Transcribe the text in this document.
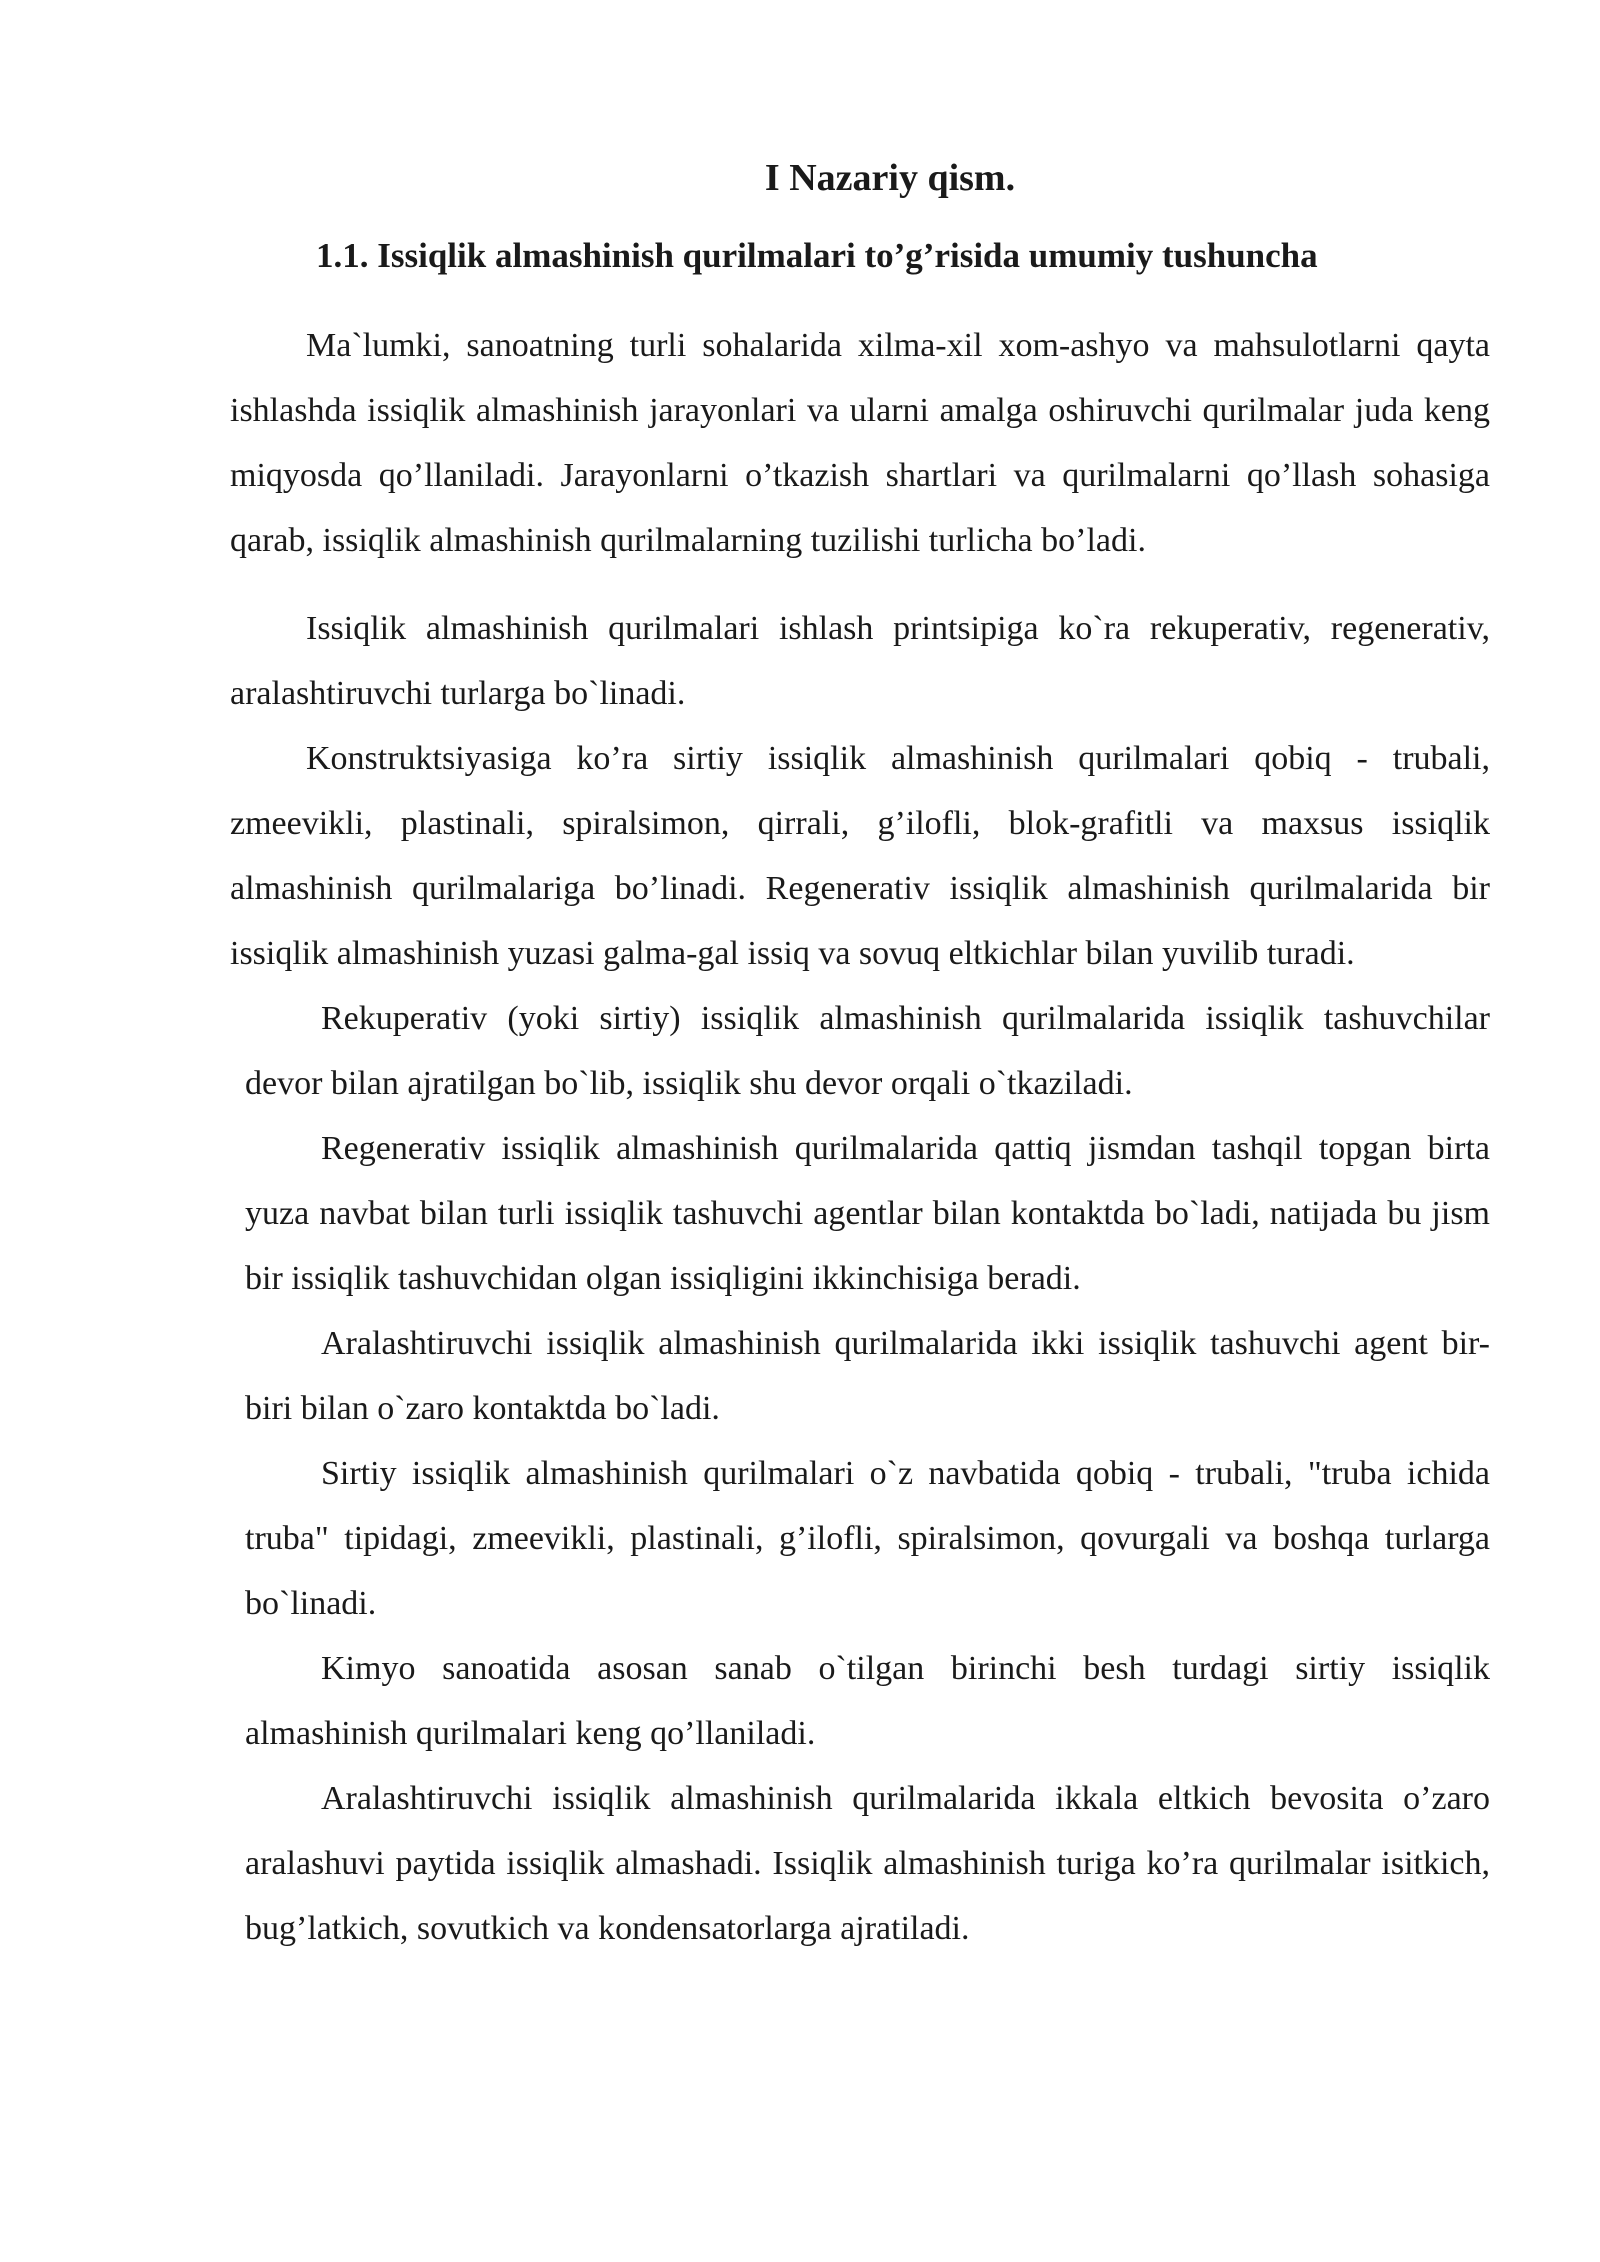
I Nazariy qism.
1.1. Issiqlik almashinish qurilmalari to’g’risida umumiy tushuncha

Ma`lumki, sanoatning turli sohalarida xilma-xil xom-ashyo va mahsulotlarni qayta ishlashda issiqlik almashinish jarayonlari va ularni amalga oshiruvchi qurilmalar juda keng miqyosda qo’llaniladi. Jarayonlarni o’tkazish shartlari va qurilmalarni qo’llash sohasiga qarab, issiqlik almashinish qurilmalarning tuzilishi turlicha bo’ladi.

Issiqlik almashinish qurilmalari ishlash printsipiga ko`ra rekuperativ, regenerativ, aralashtiruvchi turlarga bo`linadi.

Konstruktsiyasiga ko’ra sirtiy issiqlik almashinish qurilmalari qobiq - trubali, zmeevikli, plastinali, spiralsimon, qirrali, g’ilofli, blok-grafitli va maxsus issiqlik almashinish qurilmalariga bo’linadi. Regenerativ issiqlik almashinish qurilmalarida bir issiqlik almashinish yuzasi galma-gal issiq va sovuq eltkichlar bilan yuvilib turadi.

Rekuperativ (yoki sirtiy) issiqlik almashinish qurilmalarida issiqlik tashuvchilar devor bilan ajratilgan bo`lib, issiqlik shu devor orqali o`tkaziladi.

Regenerativ issiqlik almashinish qurilmalarida qattiq jismdan tashqil topgan birta yuza navbat bilan turli issiqlik tashuvchi agentlar bilan kontaktda bo`ladi, natijada bu jism bir issiqlik tashuvchidan olgan issiqligini ikkinchisiga beradi.

Aralashtiruvchi issiqlik almashinish qurilmalarida ikki issiqlik tashuvchi agent bir-biri bilan o`zaro kontaktda bo`ladi.

Sirtiy issiqlik almashinish qurilmalari o`z navbatida qobiq - trubali, "truba ichida truba" tipidagi, zmeevikli, plastinali, g’ilofli, spiralsimon, qovurgali va boshqa turlarga bo`linadi.

Kimyo sanoatida asosan sanab o`tilgan birinchi besh turdagi sirtiy issiqlik almashinish qurilmalari keng qo’llaniladi.

Aralashtiruvchi issiqlik almashinish qurilmalarida ikkala eltkich bevosita o’zaro aralashuvi paytida issiqlik almashadi. Issiqlik almashinish turiga ko’ra qurilmalar isitkich, bug’latkich, sovutkich va kondensatorlarga ajratiladi.
